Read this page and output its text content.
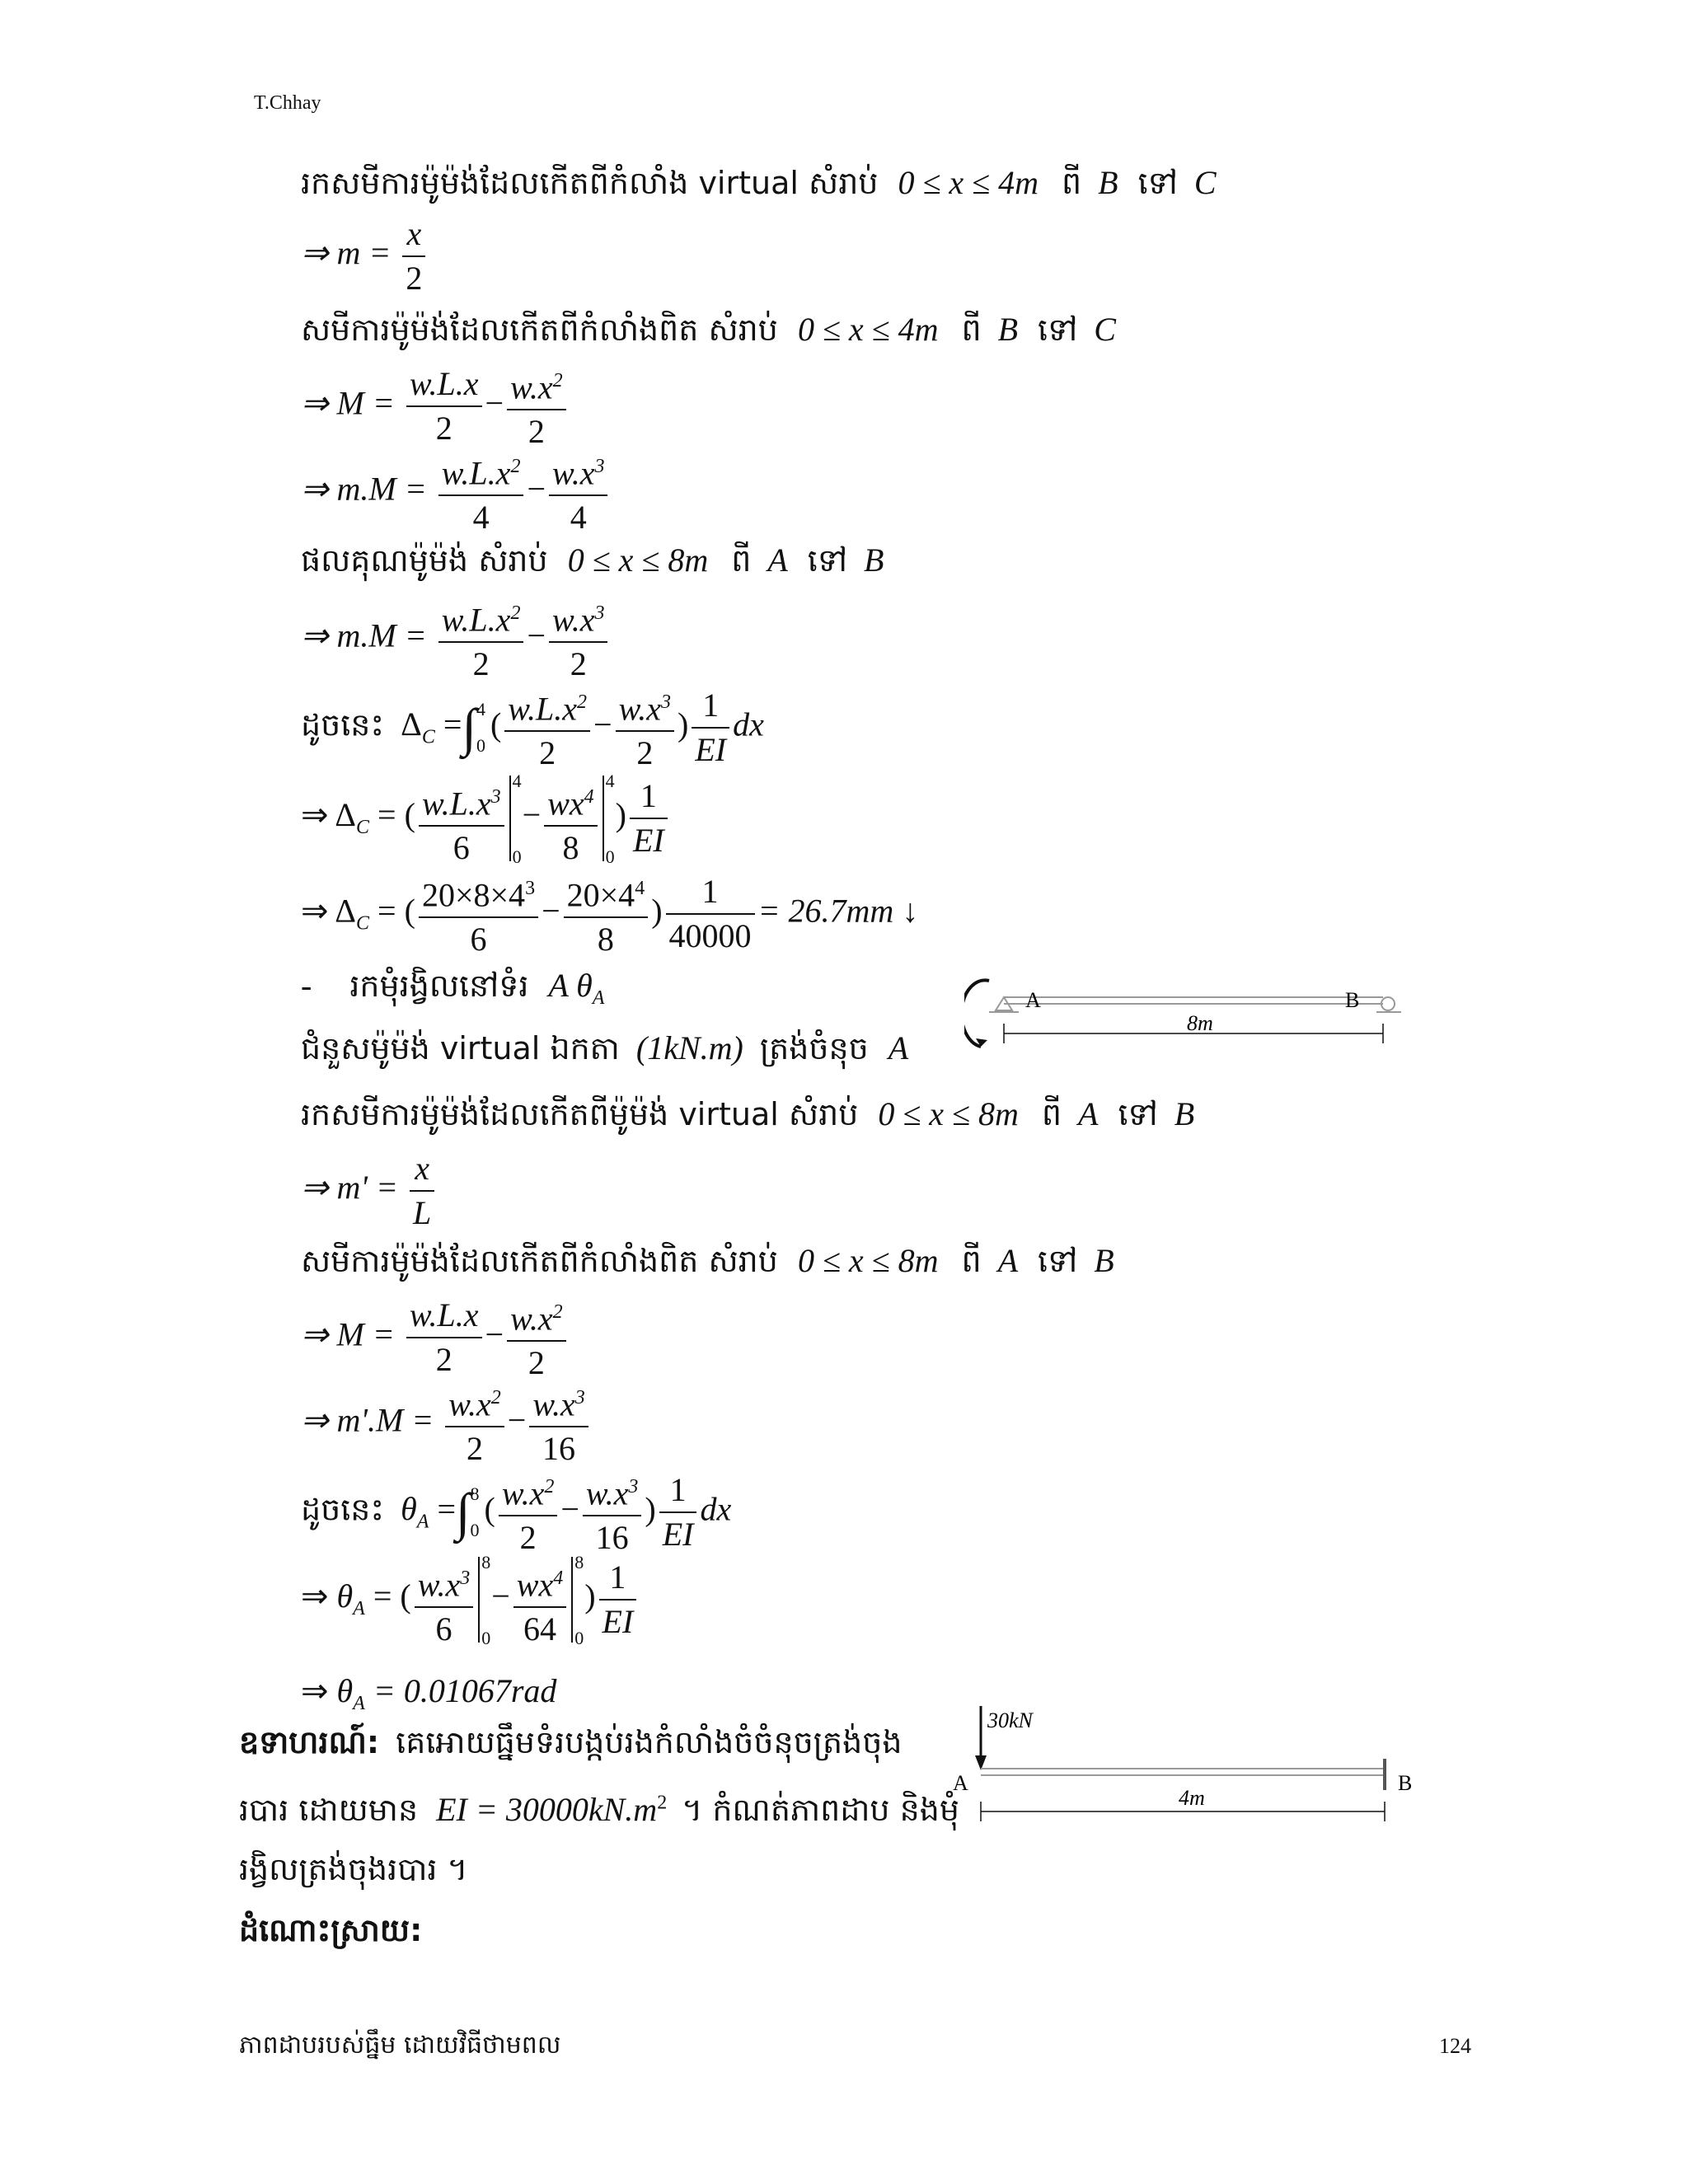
T.Chhay
រកសមីការម៉ូម៉ង់ដែលកើតពីកំលាំង virtual សំរាប់ 0 ≤ x ≤ 4m ពី B ទៅ C
⇒ $m = \frac{x}{2}$
សមីការម៉ូម៉ង់ដែលកើតពីកំលាំងពិត សំរាប់ 0 ≤ x ≤ 4m ពី B ទៅ C
⇒ $M = \frac{w.L.x}{2} - \frac{w.x^2}{2}$
⇒ $m.M = \frac{w.L.x^2}{4} - \frac{w.x^3}{4}$
ផលគុណម៉ូម៉ង់ សំរាប់ 0 ≤ x ≤ 8m ពី A ទៅ B
⇒ $m.M = \frac{w.L.x^2}{2} - \frac{w.x^3}{2}$
ដូចនេះ $\Delta_C$ =∫ 4
0
( $\frac{w.L.x^2}{2} - \frac{w.x^3}{2}$ ) $\frac{1}{EI}$ dx
⇒ $\Delta_C$ = ( $\frac{w.L.x^3}{6} 4$
0
− $\frac{wx^4}{8} 4$
0
) $\frac{1}{EI}$
⇒ $\Delta_C$ = ( $\frac{20\times 8\times 4^3}{6} - \frac{20\times 4^4}{8}$ ) $\frac{1}{40000} = 26.7mm$ ↓
- រកមុំរង្វិលនៅទំរ A $\theta_A$
ជំនួសម៉ូម៉ង់ virtual ឯកតា (1kN.m) ត្រង់ចំនុច A
រកសមីការម៉ូម៉ង់ដែលកើតពីម៉ូម៉ង់ virtual សំរាប់ 0 ≤ x ≤ 8m ពី A ទៅ B
⇒ $m' = \frac{x}{L}$
សមីការម៉ូម៉ង់ដែលកើតពីកំលាំងពិត សំរាប់ 0 ≤ x ≤ 8m ពី A ទៅ B
⇒ $M = \frac{w.L.x}{2} - \frac{w.x^2}{2}$
⇒ $m'.M = \frac{w.x^2}{2} - \frac{w.x^3}{16}$
ដូចនេះ $\theta_A$ =∫ 8
0
( $\frac{w.x^2}{2} - \frac{w.x^3}{16}$ ) $\frac{1}{EI}$ dx
⇒ $\theta_A$ = ( $\frac{w.x^3}{6} 8$
0
− $\frac{wx^4}{64} 8$
0
) $\frac{1}{EI}$
⇒ $\theta_A = 0.01067rad$
ឧទាហរណ៍: គេអោយធ្នឹមទំរបង្កប់រងកំលាំងចំចំនុចត្រង់ចុង
របារ ដោយមាន EI = $30000kN.m^2$ ។ កំណត់ភាពដាប និងមុំ
រង្វិលត្រង់ចុងរបារ ។
ដំណោះស្រាយ:
A	B
8m
30kN
A	B
4m
ភាពដាបរបស់ធ្នឹម ដោយវិធីថាមពល	124
